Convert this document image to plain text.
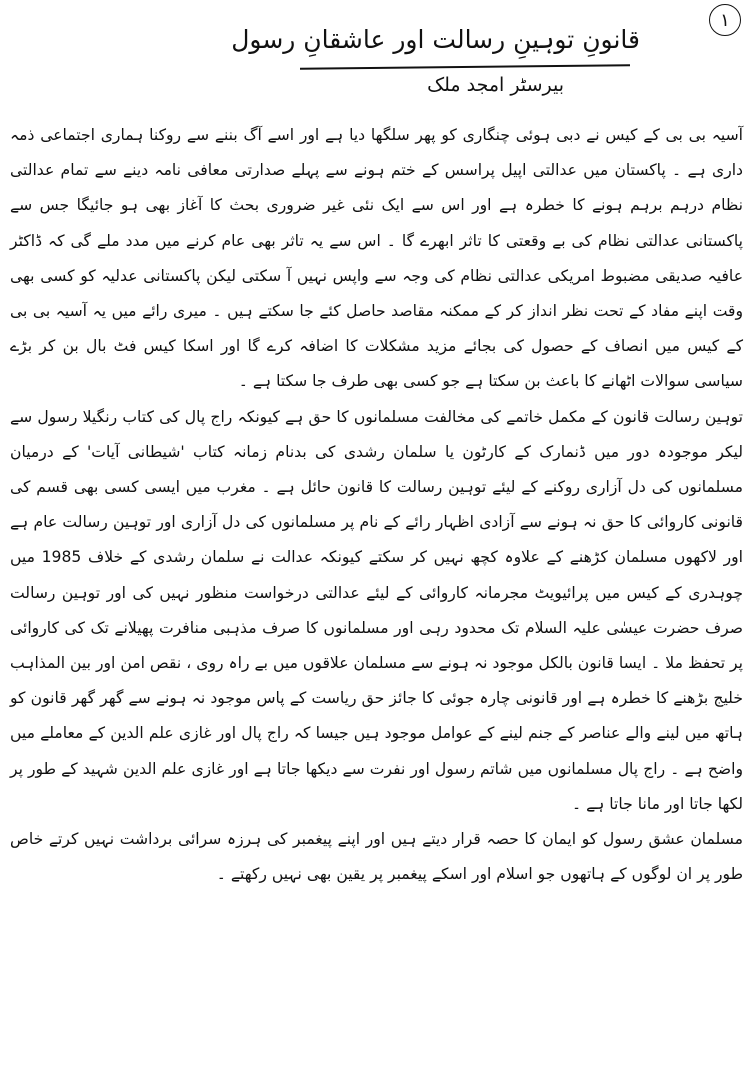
١
قانونِ توہینِ رسالت اور عاشقانِ رسول
بیرسٹر امجد ملک

آسیہ بی بی کے کیس نے دبی ہوئی چنگاری کو پھر سلگھا دیا ہے اور اسے آگ بننے سے روکنا ہماری اجتماعی ذمہ داری ہے ۔ پاکستان میں عدالتی اپیل پراسس کے ختم ہونے سے پہلے صدارتی معافی نامہ دینے سے تمام عدالتی نظام درہم برہم ہونے کا خطرہ ہے اور اس سے ایک نئی غیر ضروری بحث کا آغاز بھی ہو جائیگا جس سے پاکستانی عدالتی نظام کی بے وقعتی کا تاثر ابھرے گا ۔ اس سے یہ تاثر بھی عام کرنے میں مدد ملے گی کہ ڈاکٹر عافیہ صدیقی مضبوط امریکی عدالتی نظام کی وجہ سے واپس نہیں آ سکتی لیکن پاکستانی عدلیہ کو کسی بھی وقت اپنے مفاد کے تحت نظر انداز کر کے ممکنہ مقاصد حاصل کئے جا سکتے ہیں ۔ میری رائے میں یہ آسیہ بی بی کے کیس میں انصاف کے حصول کی بجائے مزید مشکلات کا اضافہ کرے گا اور اسکا کیس فٹ بال بن کر بڑے سیاسی سوالات اٹھانے کا باعث بن سکتا ہے جو کسی بھی طرف جا سکتا ہے ۔

توہین رسالت قانون کے مکمل خاتمے کی مخالفت مسلمانوں کا حق ہے کیونکہ راج پال کی کتاب رنگیلا رسول سے لیکر موجودہ دور میں ڈنمارک کے کارٹون یا سلمان رشدی کی بدنام زمانہ کتاب 'شیطانی آیات' کے درمیان مسلمانوں کی دل آزاری روکنے کے لیئے توہین رسالت کا قانون حائل ہے ۔ مغرب میں ایسی کسی بھی قسم کی قانونی کاروائی کا حق نہ ہونے سے آزادی اظہار رائے کے نام پر مسلمانوں کی دل آزاری اور توہین رسالت عام ہے اور لاکھوں مسلمان کڑھنے کے علاوہ کچھ نہیں کر سکتے کیونکہ عدالت نے سلمان رشدی کے خلاف 1985 میں چوہدری کے کیس میں پرائیویٹ مجرمانہ کاروائی کے لیئے عدالتی درخواست منظور نہیں کی اور توہین رسالت صرف حضرت عیسٰی علیہ السلام تک محدود رہی اور مسلمانوں کا صرف مذہبی منافرت پھیلانے تک کی کاروائی پر تحفظ ملا ۔ ایسا قانون بالکل موجود نہ ہونے سے مسلمان علاقوں میں بے راہ روی ، نقص امن اور بین المذاہب خلیج بڑھنے کا خطرہ ہے اور قانونی چارہ جوئی کا جائز حق ریاست کے پاس موجود نہ ہونے سے گھر گھر قانون کو ہاتھ میں لینے والے عناصر کے جنم لینے کے عوامل موجود ہیں جیسا کہ راج پال اور غازی علم الدین کے معاملے میں واضح ہے ۔ راج پال مسلمانوں میں شاتم رسول اور نفرت سے دیکھا جاتا ہے اور غازی علم الدین شہید کے طور پر لکھا جاتا اور مانا جاتا ہے ۔

مسلمان عشق رسول کو ایمان کا حصہ قرار دیتے ہیں اور اپنے پیغمبر کی ہرزہ سرائی برداشت نہیں کرتے خاص طور پر ان لوگوں کے ہاتھوں جو اسلام اور اسکے پیغمبر پر یقین بھی نہیں رکھتے ۔
